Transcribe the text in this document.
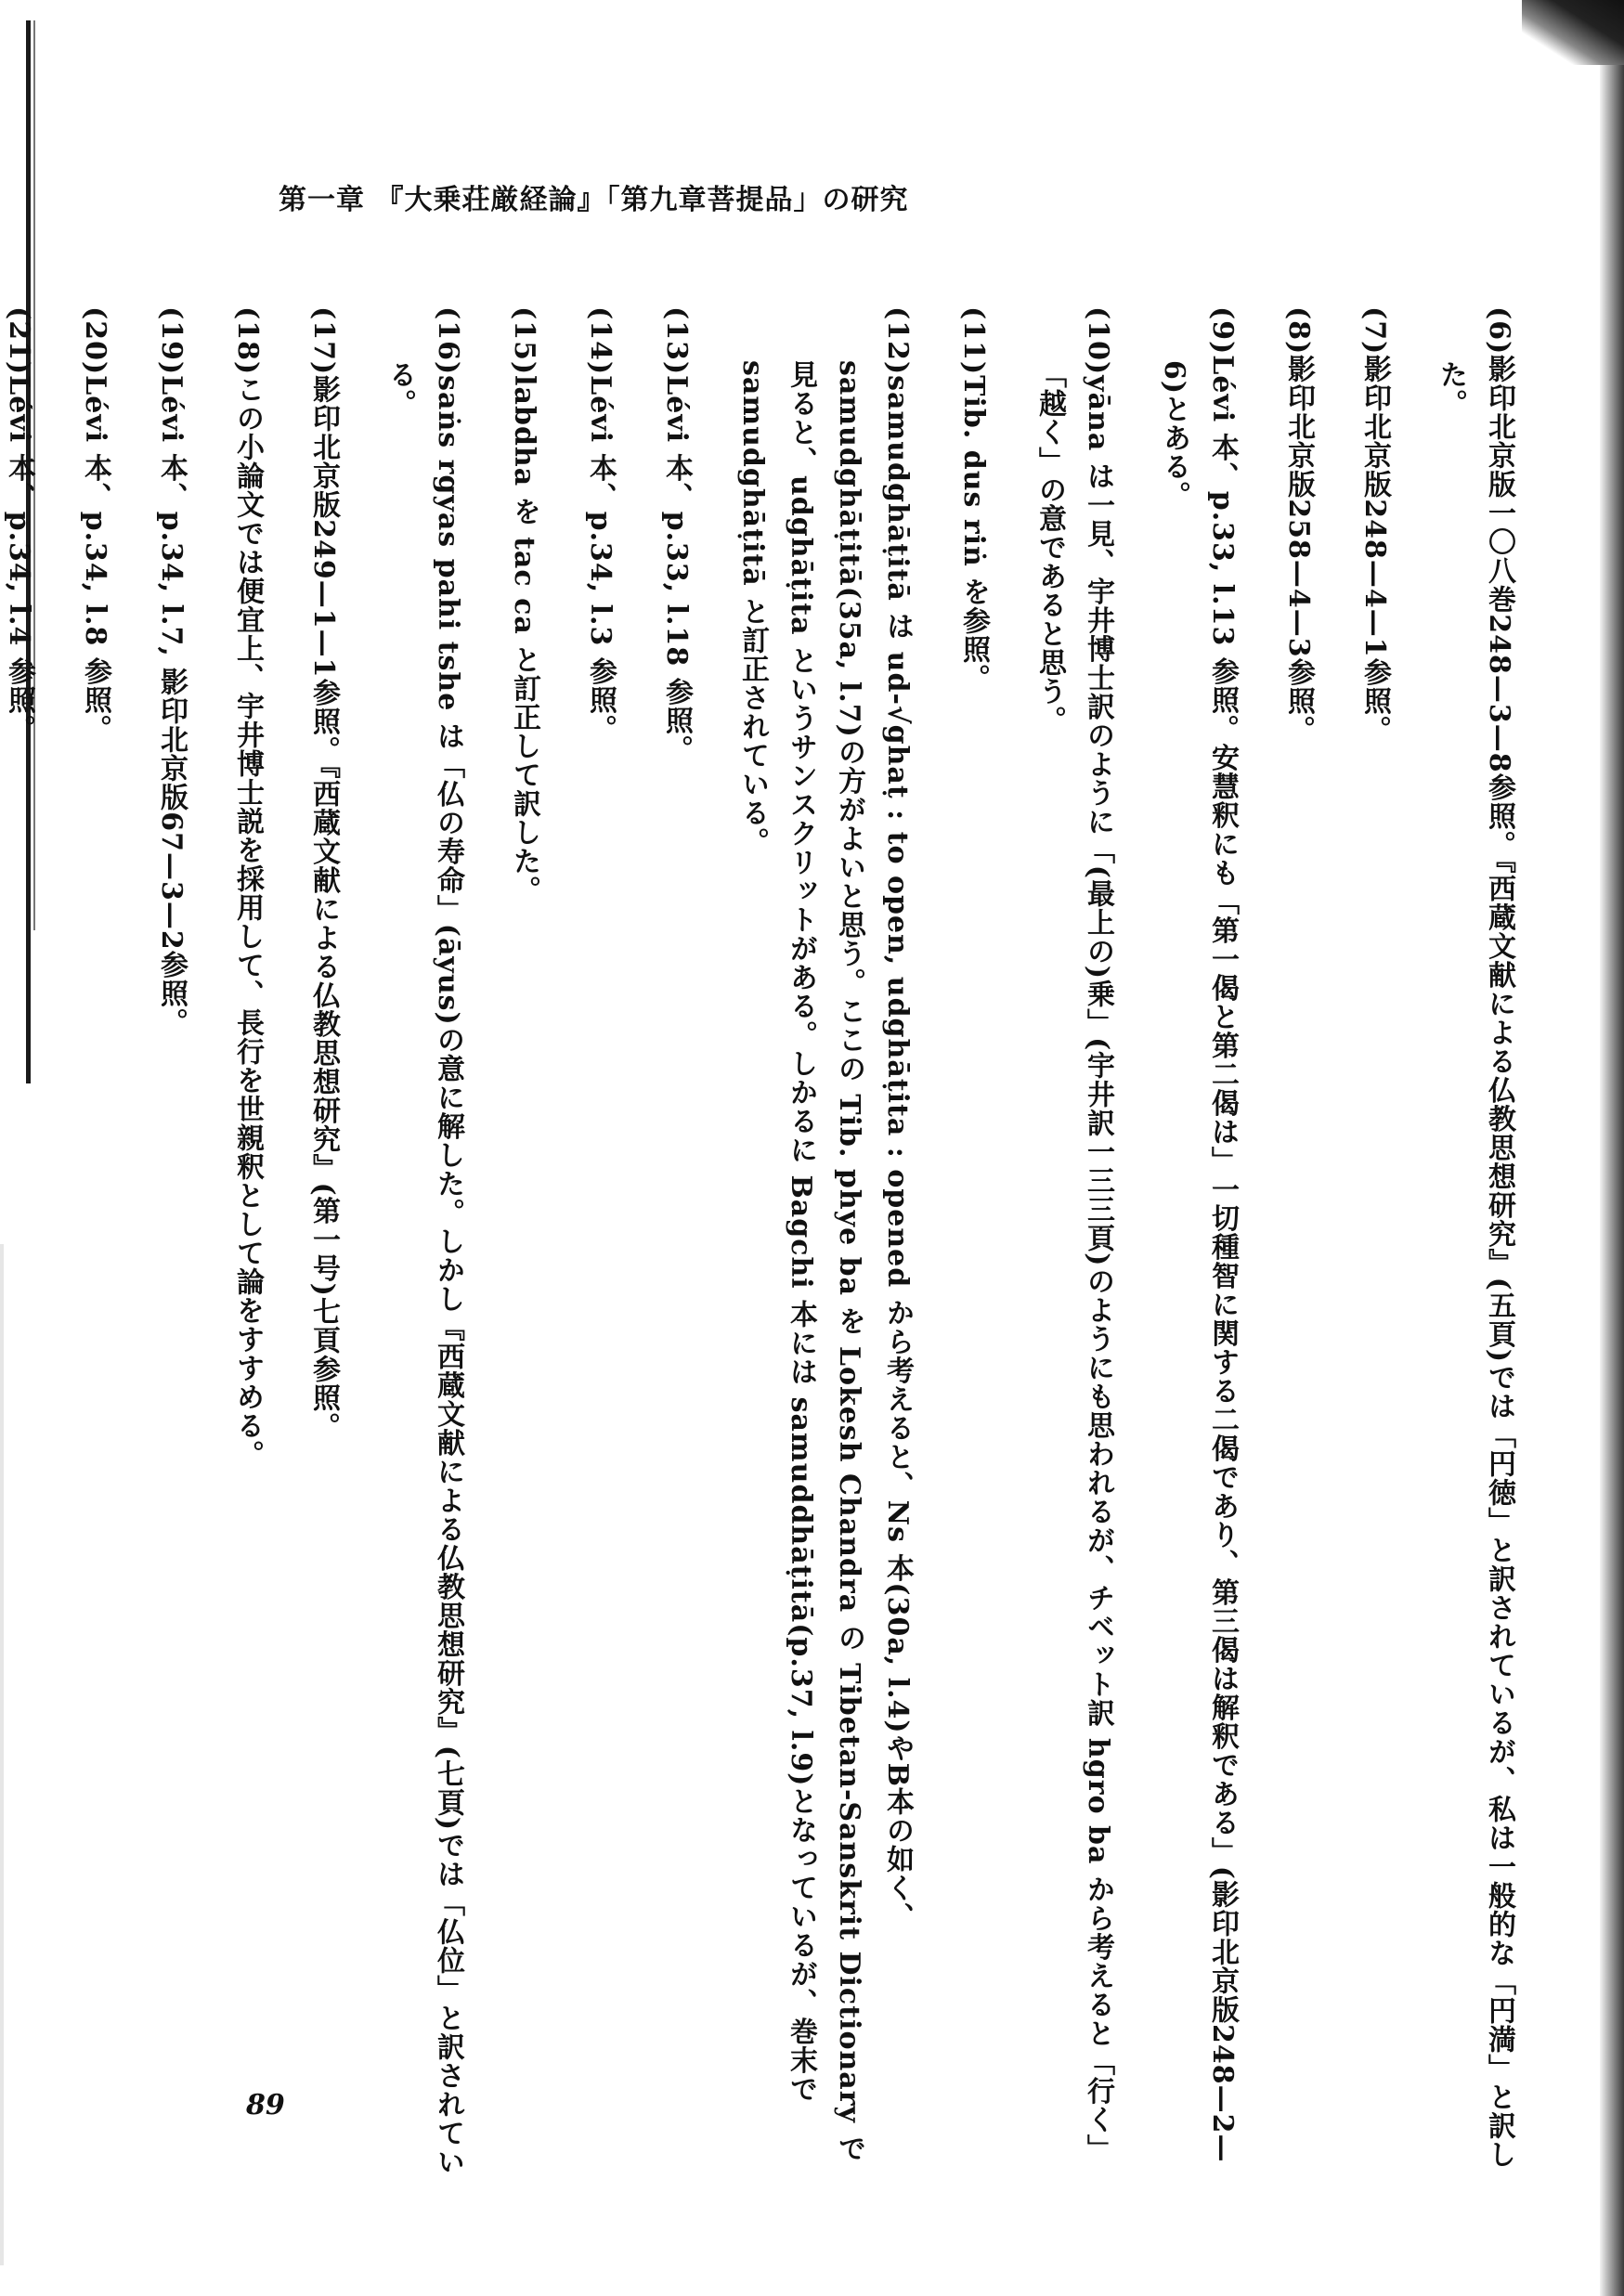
第一章 『大乗荘厳経論』「第九章菩提品」の研究

(6)影印北京版一〇八巻248—3—8参照。『西蔵文献による仏教思想研究』(五頁)では「円徳」と訳されているが、私は一般的な「円満」と訳した。

(7)影印北京版248—4—1参照。

(8)影印北京版258—4—3参照。

(9)Lévi 本、p.33, l.13 参照。安慧釈にも「第一偈と第二偈は」一切種智に関する二偈であり、第三偈は解釈である」(影印北京版248—2—6)とある。

(10)yāna は一見、宇井博士訳のように「(最上の)乗」(宇井訳一三三頁)のようにも思われるが、チベット訳 hgro ba から考えると「行く」「越く」の意であると思う。

(11)Tib. dus riṅ を参照。

(12)samudghāṭitā は ud-√ghaṭ : to open, udghāṭita : opened から考えると、Ns 本(30a, l.4)やB本の如く、samudghāṭitā(35a, l.7)の方がよいと思う。ここの Tib. phye ba を Lokesh Chandra の Tibetan-Sanskrit Dictionary で見ると、udghāṭita というサンスクリットがある。しかるに Bagchi 本には samuddhāṭitā(p.37, l.9)となっているが、巻末で samudghāṭitā と訂正されている。

(13)Lévi 本、p.33, l.18 参照。

(14)Lévi 本、p.34, l.3 参照。

(15)labdha を tac ca と訂正して訳した。

(16)saṅs rgyas pahi tshe は「仏の寿命」(āyus)の意に解した。しかし『西蔵文献による仏教思想研究』(七頁)では「仏位」と訳されている。

(17)影印北京版249—1—1参照。『西蔵文献による仏教思想研究』(第一号)七頁参照。

(18)この小論文では便宜上、宇井博士説を採用して、長行を世親釈として論をすすめる。

(19)Lévi 本、p.34, l.7, 影印北京版67—3—2参照。

(20)Lévi 本、p.34, l.8 参照。

(21)Lévi 本、p.34, l.4 参照。

89
